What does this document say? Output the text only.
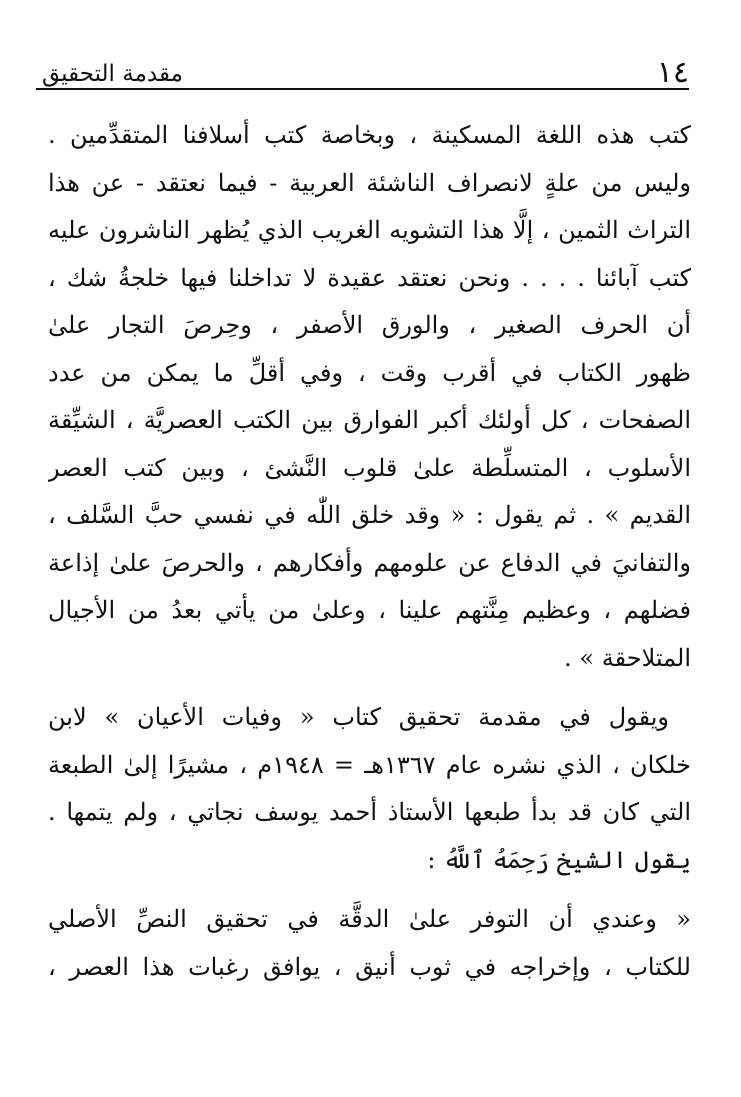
١٤
مقدمة التحقيق
كتب هذه اللغة المسكينة ، وبخاصة كتب أسلافنا المتقدِّمين .
وليس من علةٍ لانصراف الناشئة العربية - فيما نعتقد - عن هذا
التراث الثمين ، إلَّا هذا التشويه الغريب الذي يُظهر الناشرون عليه
كتب آبائنا . . . . ونحن نعتقد عقيدة لا تداخلنا فيها خلجةُ شك ،
أن الحرف الصغير ، والورق الأصفر ، وحِرصَ التجار علىٰ
ظهور الكتاب في أقرب وقت ، وفي أقلِّ ما يمكن من عدد
الصفحات ، كل أولئك أكبر الفوارق بين الكتب العصريَّة ، الشيِّقة
الأسلوب ، المتسلِّطة علىٰ قلوب النَّشئ ، وبين كتب العصر
القديم » . ثم يقول : « وقد خلق اللّٰه في نفسي حبَّ السَّلف ،
والتفانيَ في الدفاع عن علومهم وأفكارهم ، والحرصَ علىٰ إذاعة
فضلهم ، وعظيم مِنَّتهم علينا ، وعلىٰ من يأتي بعدُ من الأجيال
المتلاحقة » .
ويقول في مقدمة تحقيق كتاب « وفيات الأعيان » لابن
خلكان ، الذي نشره عام ١٣٦٧هـ = ١٩٤٨م ، مشيرًا إلىٰ الطبعة
التي كان قد بدأ طبعها الأستاذ أحمد يوسف نجاتي ، ولم يتمها .
يقول الشيخ رَحِمَهُ ٱللَّهُ :
« وعندي أن التوفر علىٰ الدقَّة في تحقيق النصِّ الأصلي
للكتاب ، وإخراجه في ثوب أنيق ، يوافق رغبات هذا العصر ،
